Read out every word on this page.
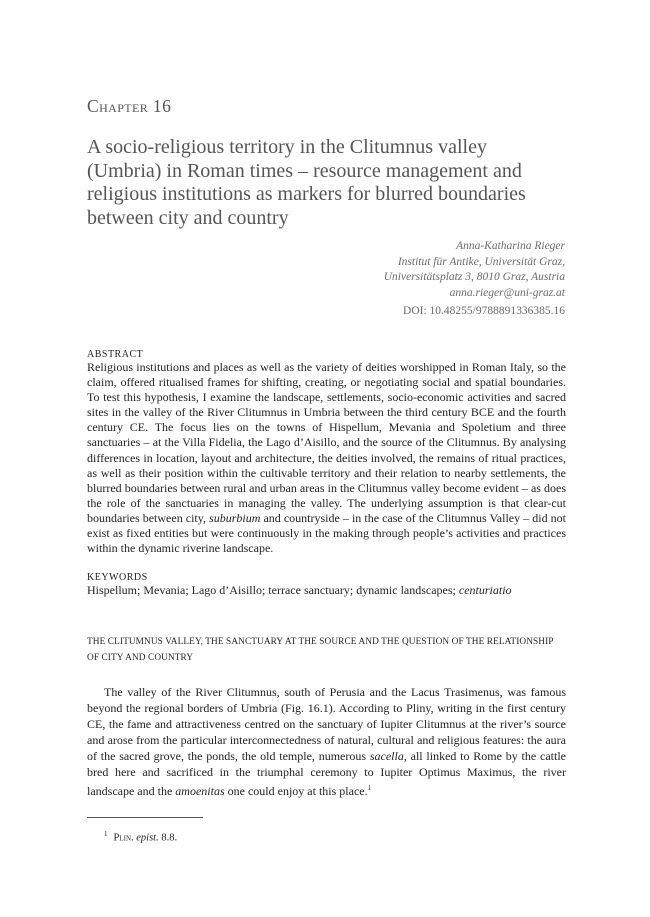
Chapter 16
A socio-religious territory in the Clitumnus valley
(Umbria) in Roman times – resource management and
religious institutions as markers for blurred boundaries
between city and country
Anna-Katharina Rieger
Institut für Antike, Universität Graz,
Universitätsplatz 3, 8010 Graz, Austria
anna.rieger@uni-graz.at
DOI: 10.48255/9788891336385.16
ABSTRACT

Religious institutions and places as well as the variety of deities worshipped in Roman Italy, so the claim, offered ritualised frames for shifting, creating, or negotiating social and spatial boundaries. To test this hypothesis, I examine the landscape, settlements, socio-economic activities and sacred sites in the valley of the River Clitumnus in Umbria between the third century BCE and the fourth century CE. The focus lies on the towns of Hispellum, Mevania and Spoletium and three sanctuaries – at the Villa Fidelia, the Lago d’Aisillo, and the source of the Clitumnus. By analysing differences in location, layout and architecture, the deities involved, the remains of ritual practices, as well as their position within the cultivable territory and their relation to nearby settlements, the blurred boundaries between rural and urban areas in the Clitumnus valley become evident – as does the role of the sanctuaries in managing the valley. The underlying assumption is that clear-cut boundaries between city, suburbium and countryside – in the case of the Clitumnus Valley – did not exist as fixed entities but were continuously in the making through people’s activities and practices within the dynamic riverine landscape.

KEYWORDS

Hispellum; Mevania; Lago d’Aisillo; terrace sanctuary; dynamic landscapes; centuriatio

THE CLITUMNUS VALLEY, THE SANCTUARY AT THE SOURCE AND THE QUESTION OF THE RELATIONSHIP OF CITY AND COUNTRY

The valley of the River Clitumnus, south of Perusia and the Lacus Trasimenus, was famous beyond the regional borders of Umbria (Fig. 16.1). According to Pliny, writing in the first century CE, the fame and attractiveness centred on the sanctuary of Iupiter Clitumnus at the river’s source and arose from the particular interconnectedness of natural, cultural and religious features: the aura of the sacred grove, the ponds, the old temple, numerous sacella, all linked to Rome by the cattle bred here and sacrificed in the triumphal ceremony to Iupiter Optimus Maximus, the river landscape and the amoenitas one could enjoy at this place.$^1$

$^1$ Plin. epist. 8.8.
